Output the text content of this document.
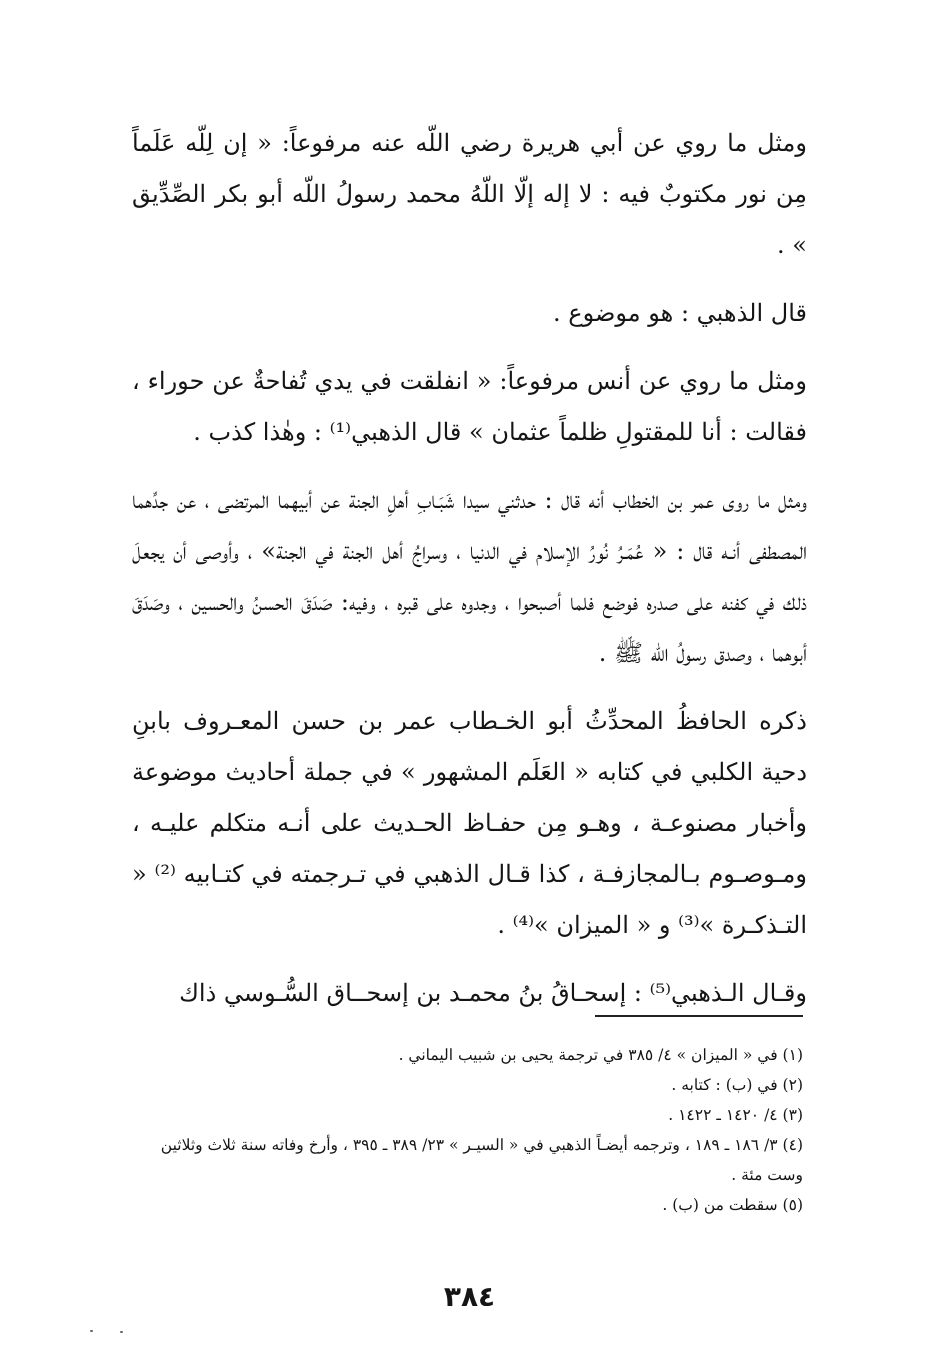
ومثل ما روي عن أبي هريرة رضي اللّه عنه مرفوعاً: « إن لِلّه عَلَماً مِن نور مكتوبٌ فيه : لا إله إلّا اللّهُ محمد رسولُ اللّه أبو بكر الصِّدِّيق » .

قال الذهبي : هو موضوع .

ومثل ما روي عن أنس مرفوعاً: « انفلقت في يدي تُفاحةٌ عن حوراء ، فقالت : أنا للمقتولِ ظلماً عثمان » قال الذهبي⁽¹⁾ : وهٰذا كذب .

ومثل ما روى عمر بن الخطاب أنه قال : حدثني سيدا شَبَـابِ أهلِ الجنة عن أبيهما المرتضى ، عن جدِّهما المصطفى أنـه قال : « عُمَـرُ نُورُ الإسلام في الدنيا ، وسراجُ أهل الجنة في الجنة» ، وأوصى أن يجعلَ ذلك في كفنه على صدره فوضع فلما أصبحوا ، وجدوه على قبره ، وفيه: صَدَقَ الحسنُ والحسين ، وصَدَقَ أبوهما ، وصدق رسولُ اللّه ﷺ .

ذكره الحافظُ المحدِّثُ أبو الخـطاب عمر بن حسن المعـروف بابنِ دحية الكلبي في كتابه « العَلَم المشهور » في جملة أحاديث موضوعة وأخبار مصنوعـة ، وهـو مِن حفـاظ الحـديث على أنـه متكلم عليـه ، ومـوصـوم بـالمجازفـة ، كذا قـال الذهبي في تـرجمته في كتـابيه ⁽²⁾ « التـذكـرة »⁽³⁾ و « الميزان »⁽⁴⁾ .

وقـال الـذهبي⁽⁵⁾ : إسحـاقُ بنُ محمـد بن إسحــاق السُّـوسي ذاك

(١) في « الميزان » ٤/ ٣٨٥ في ترجمة يحيى بن شبيب اليماني .

(٢) في (ب) : كتابه .

(٣) ٤/ ١٤٢٠ ـ ١٤٢٢ .

(٤) ٣/ ١٨٦ ـ ١٨٩ ، وترجمه أيضـاً الذهبي في « السيـر » ٢٣/ ٣٨٩ ـ ٣٩٥ ، وأرخ وفاته سنة ثلاث وثلاثين وست مئة .

(٥) سقطت من (ب) .

٣٨٤
